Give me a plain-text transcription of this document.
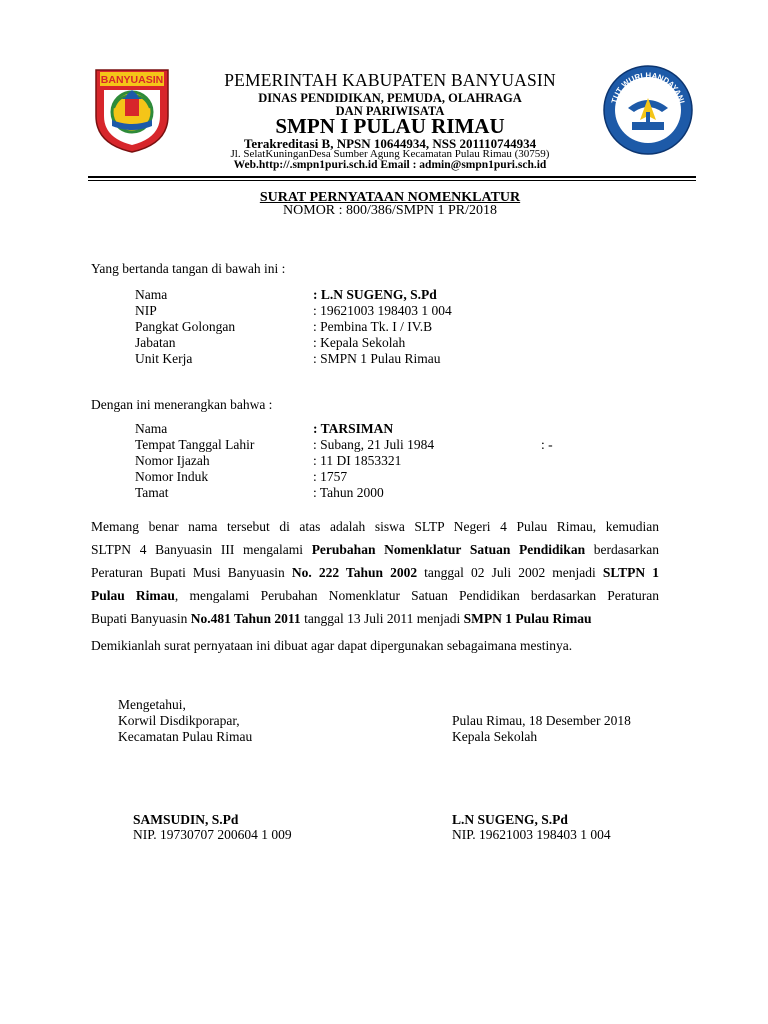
BANYUASIN
TUT WURI HANDAYANI
PEMERINTAH KABUPATEN BANYUASIN
DINAS PENDIDIKAN, PEMUDA, OLAHRAGA
DAN PARIWISATA
SMPN I PULAU RIMAU
Terakreditasi B, NPSN 10644934, NSS 201110744934
Jl. SelatKuninganDesa Sumber Agung Kecamatan Pulau Rimau (30759)
Web.http://.smpn1puri.sch.id Email : admin@smpn1puri.sch.id
SURAT PERNYATAAN NOMENKLATUR
NOMOR : 800/386/SMPN 1 PR/2018
Yang bertanda tangan di bawah ini :
Nama	: L.N SUGENG, S.Pd
NIP	: 19621003 198403 1 004
Pangkat Golongan	: Pembina Tk. I / IV.B
Jabatan	: Kepala Sekolah
Unit Kerja	: SMPN 1 Pulau Rimau
Dengan ini menerangkan bahwa :
Nama	: TARSIMAN
Tempat Tanggal Lahir	: Subang, 21 Juli 1984	: -
Nomor Ijazah	: 11 DI 1853321
Nomor Induk	: 1757
Tamat	: Tahun 2000
Memang benar nama tersebut di atas adalah siswa SLTP Negeri 4 Pulau Rimau, kemudian
SLTPN 4 Banyuasin III mengalami Perubahan Nomenklatur Satuan Pendidikan berdasarkan
Peraturan Bupati Musi Banyuasin No. 222 Tahun 2002 tanggal 02 Juli 2002 menjadi SLTPN 1
Pulau Rimau, mengalami Perubahan Nomenklatur Satuan Pendidikan berdasarkan Peraturan
Bupati Banyuasin No.481 Tahun 2011 tanggal 13 Juli 2011 menjadi SMPN 1 Pulau Rimau
Demikianlah surat pernyataan ini dibuat agar dapat dipergunakan sebagaimana mestinya.
Mengetahui,
Korwil Disdikporapar,
Kecamatan Pulau Rimau
SAMSUDIN, S.Pd
NIP. 19730707 200604 1 009
Pulau Rimau, 18 Desember 2018
Kepala Sekolah
L.N SUGENG, S.Pd
NIP. 19621003 198403 1 004
